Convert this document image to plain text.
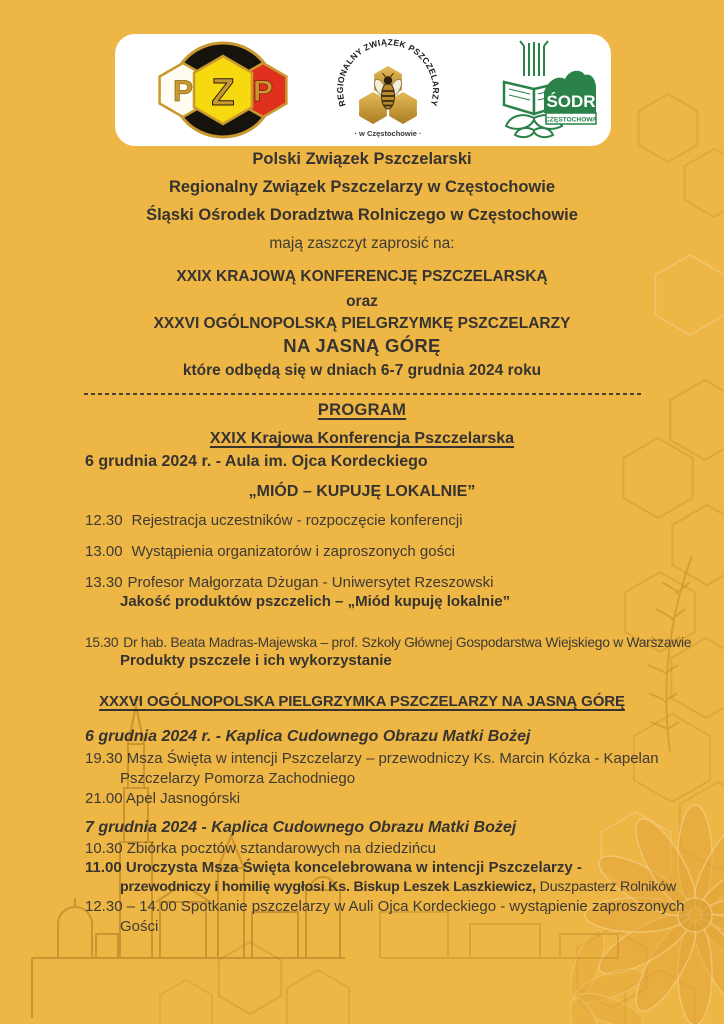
P Z P	REGIONALNY ZWIĄZEK PSZCZELARZY
· w Częstochowie ·
ŚODR
CZĘSTOCHOWA
Polski Związek Pszczelarski
Regionalny Związek Pszczelarzy w Częstochowie
Śląski Ośrodek Doradztwa Rolniczego w Częstochowie
mają zaszczyt zaprosić na:
XXIX KRAJOWĄ KONFERENCJĘ PSZCZELARSKĄ
oraz
XXXVI OGÓLNOPOLSKĄ PIELGRZYMKĘ PSZCZELARZY
NA JASNĄ GÓRĘ
które odbędą się w dniach 6-7 grudnia 2024 roku
PROGRAM
XXIX Krajowa Konferencja Pszczelarska
6 grudnia 2024 r. - Aula im. Ojca Kordeckiego
„MIÓD – KUPUJĘ LOKALNIE”
12.30 Rejestracja uczestników - rozpoczęcie konferencji
13.00 Wystąpienia organizatorów i zaproszonych gości
13.30 Profesor Małgorzata Dżugan - Uniwersytet Rzeszowski
Jakość produktów pszczelich – „Miód kupuję lokalnie”
15.30 Dr hab. Beata Madras-Majewska – prof. Szkoły Głównej Gospodarstwa Wiejskiego w Warszawie
Produkty pszczele i ich wykorzystanie
XXXVI OGÓLNOPOLSKA PIELGRZYMKA PSZCZELARZY NA JASNĄ GÓRĘ
6 grudnia 2024 r. - Kaplica Cudownego Obrazu Matki Bożej
19.30 Msza Święta w intencji Pszczelarzy – przewodniczy Ks. Marcin Kózka - Kapelan
Pszczelarzy Pomorza Zachodniego
21.00 Apel Jasnogórski
7 grudnia 2024 - Kaplica Cudownego Obrazu Matki Bożej
10.30 Zbiórka pocztów sztandarowych na dziedzińcu
11.00 Uroczysta Msza Święta koncelebrowana w intencji Pszczelarzy -
przewodniczy i homilię wygłosi Ks. Biskup Leszek Laszkiewicz, Duszpasterz Rolników
12.30 – 14.00 Spotkanie pszczelarzy w Auli Ojca Kordeckiego - wystąpienie zaproszonych
Gości
